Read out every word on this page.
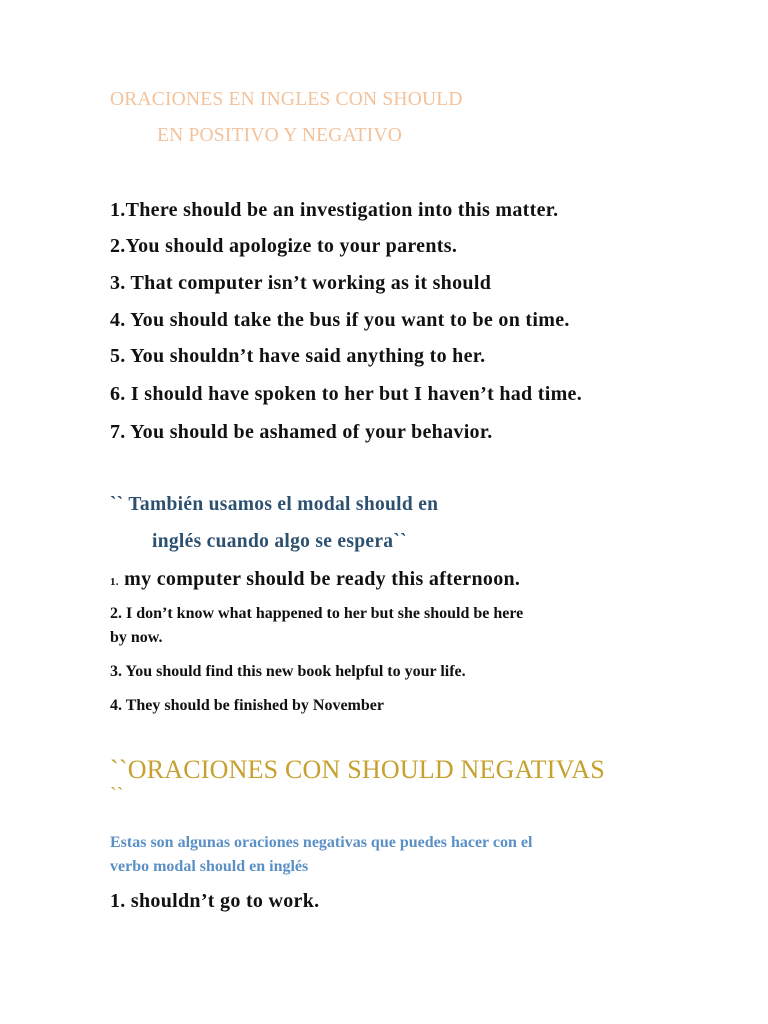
ORACIONES EN INGLES CON SHOULD
EN POSITIVO Y NEGATIVO
1.There should be an investigation into this matter.
2.You should apologize to your parents.
3. That computer isn’t working as it should
4. You should take the bus if you want to be on time.
5. You shouldn’t have said anything to her.
6. I should have spoken to her but I haven’t had time.
7. You should be ashamed of your behavior.
`` También usamos el modal should en
inglés cuando algo se espera``
1. my computer should be ready this afternoon.
2. I don’t know what happened to her but she should be here
by now.
3. You should find this new book helpful to your life.
4. They should be finished by November
``ORACIONES CON SHOULD NEGATIVAS
``
Estas son algunas oraciones negativas que puedes hacer con el
verbo modal should en inglés
1. shouldn’t go to work.
